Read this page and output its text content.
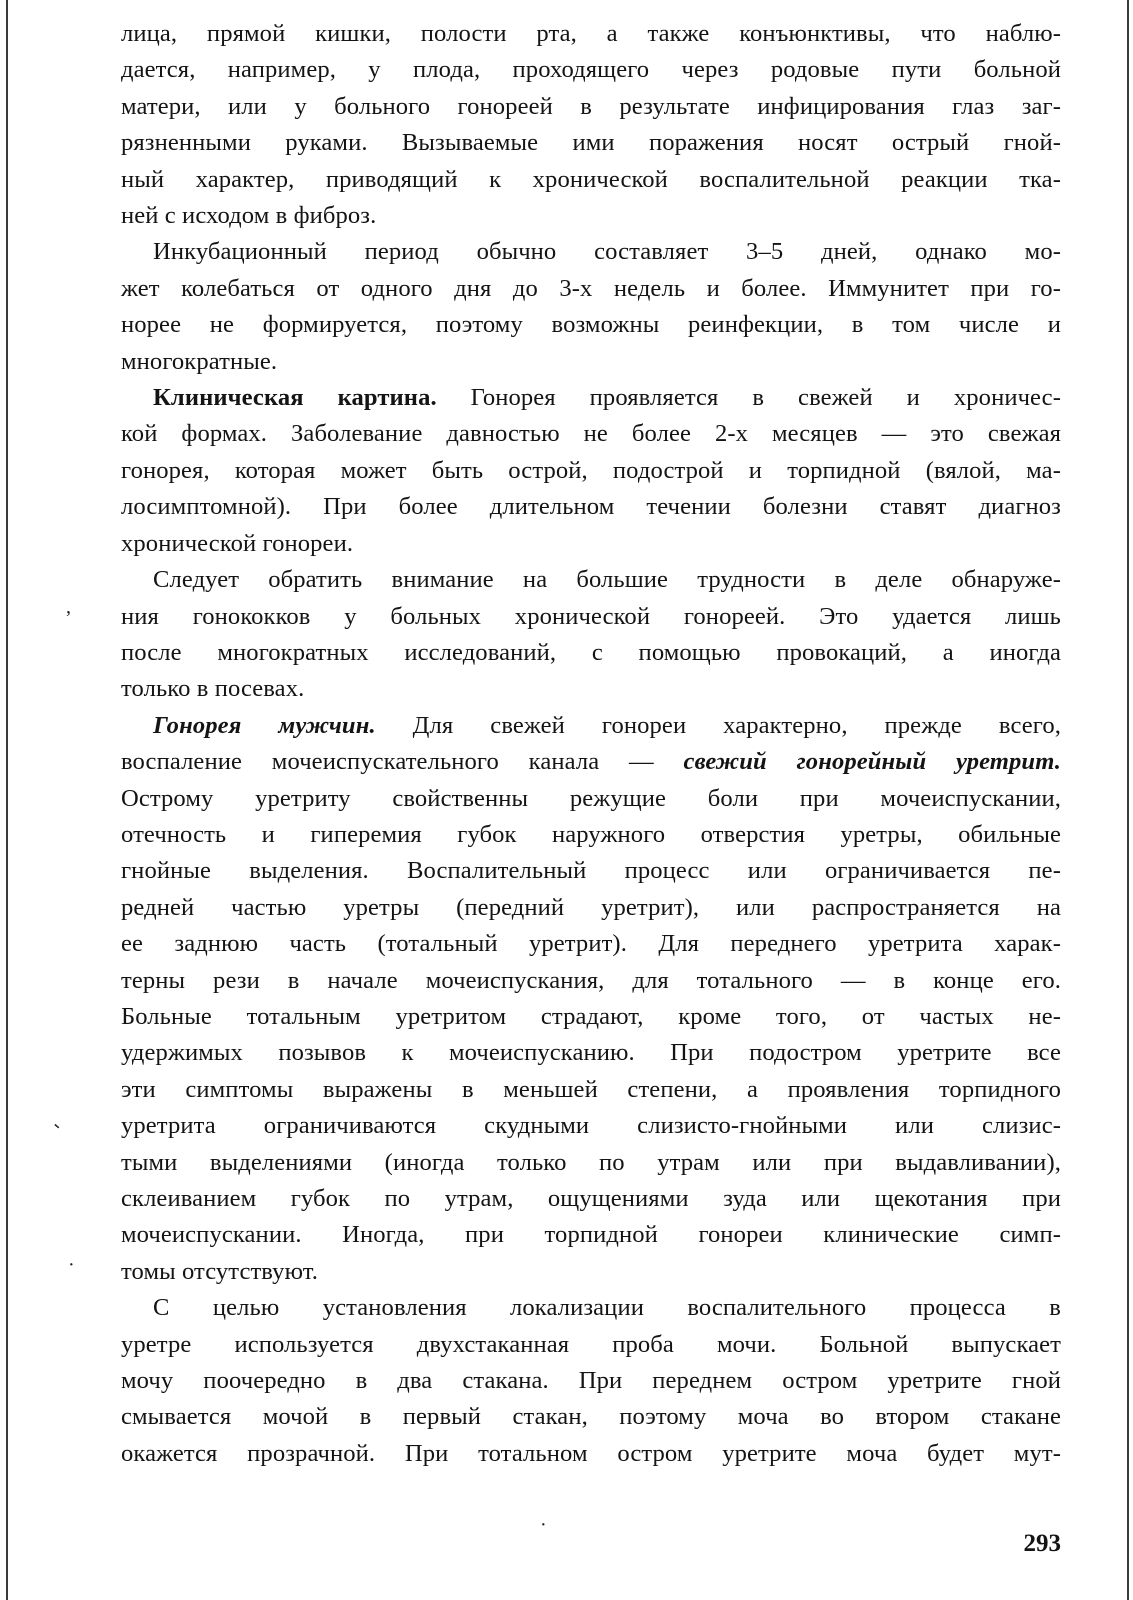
лица, прямой кишки, полости рта, а также конъюнктивы, что наблю-
дается, например, у плода, проходящего через родовые пути больной
матери, или у больного гонореей в результате инфицирования глаз заг-
рязненными руками. Вызываемые ими поражения носят острый гной-
ный характер, приводящий к хронической воспалительной реакции тка-
ней с исходом в фиброз.
Инкубационный период обычно составляет 3–5 дней, однако мо-
жет колебаться от одного дня до 3-х недель и более. Иммунитет при го-
норее не формируется, поэтому возможны реинфекции, в том числе и
многократные.
Клиническая картина. Гонорея проявляется в свежей и хроничес-
кой формах. Заболевание давностью не более 2-х месяцев — это свежая
гонорея, которая может быть острой, подострой и торпидной (вялой, ма-
лосимптомной). При более длительном течении болезни ставят диагноз
хронической гонореи.
Следует обратить внимание на большие трудности в деле обнаруже-
ния гонококков у больных хронической гонореей. Это удается лишь
после многократных исследований, с помощью провокаций, а иногда
только в посевах.
Гонорея мужчин. Для свежей гонореи характерно, прежде всего,
воспаление мочеиспускательного канала — свежий гонорейный уретрит.
Острому уретриту свойственны режущие боли при мочеиспускании,
отечность и гиперемия губок наружного отверстия уретры, обильные
гнойные выделения. Воспалительный процесс или ограничивается пе-
редней частью уретры (передний уретрит), или распространяется на
ее заднюю часть (тотальный уретрит). Для переднего уретрита харак-
терны рези в начале мочеиспускания, для тотального — в конце его.
Больные тотальным уретритом страдают, кроме того, от частых не-
удержимых позывов к мочеиспусканию. При подостром уретрите все
эти симптомы выражены в меньшей степени, а проявления торпидного
уретрита ограничиваются скудными слизисто-гнойными или слизис-
тыми выделениями (иногда только по утрам или при выдавливании),
склеиванием губок по утрам, ощущениями зуда или щекотания при
мочеиспускании. Иногда, при торпидной гонореи клинические симп-
томы отсутствуют.
С целью установления локализации воспалительного процесса в
уретре используется двухстаканная проба мочи. Больной выпускает
мочу поочередно в два стакана. При переднем остром уретрите гной
смывается мочой в первый стакан, поэтому моча во втором стакане
окажется прозрачной. При тотальном остром уретрите моча будет мут-
,
-
·
·
293
